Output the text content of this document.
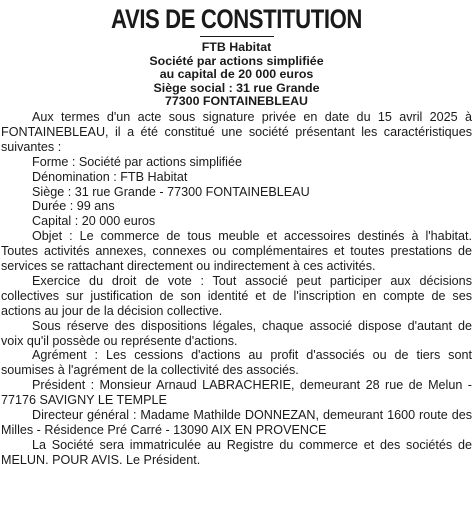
AVIS DE CONSTITUTION
FTB Habitat
Société par actions simplifiée
au capital de 20 000 euros
Siège social : 31 rue Grande
77300 FONTAINEBLEAU

Aux termes d'un acte sous signature privée en date du 15 avril 2025 à FONTAINEBLEAU, il a été constitué une société présentant les caractéristiques suivantes :

Forme : Société par actions simplifiée

Dénomination : FTB Habitat

Siège : 31 rue Grande - 77300 FONTAINEBLEAU

Durée : 99 ans

Capital : 20 000 euros

Objet : Le commerce de tous meuble et accessoires destinés à l'habitat. Toutes activités annexes, connexes ou complémentaires et toutes prestations de services se rattachant directement ou indirectement à ces activités.

Exercice du droit de vote : Tout associé peut participer aux décisions collectives sur justification de son identité et de l'inscription en compte de ses actions au jour de la décision collective.

Sous réserve des dispositions légales, chaque associé dispose d'autant de voix qu'il possède ou représente d'actions.

Agrément : Les cessions d'actions au profit d'associés ou de tiers sont soumises à l'agrément de la collectivité des associés.

Président : Monsieur Arnaud LABRACHERIE, demeurant 28 rue de Melun - 77176 SAVIGNY LE TEMPLE

Directeur général : Madame Mathilde DONNEZAN, demeurant 1600 route des Milles - Résidence Pré Carré - 13090 AIX EN PROVENCE

La Société sera immatriculée au Registre du commerce et des sociétés de MELUN. POUR AVIS. Le Président.
